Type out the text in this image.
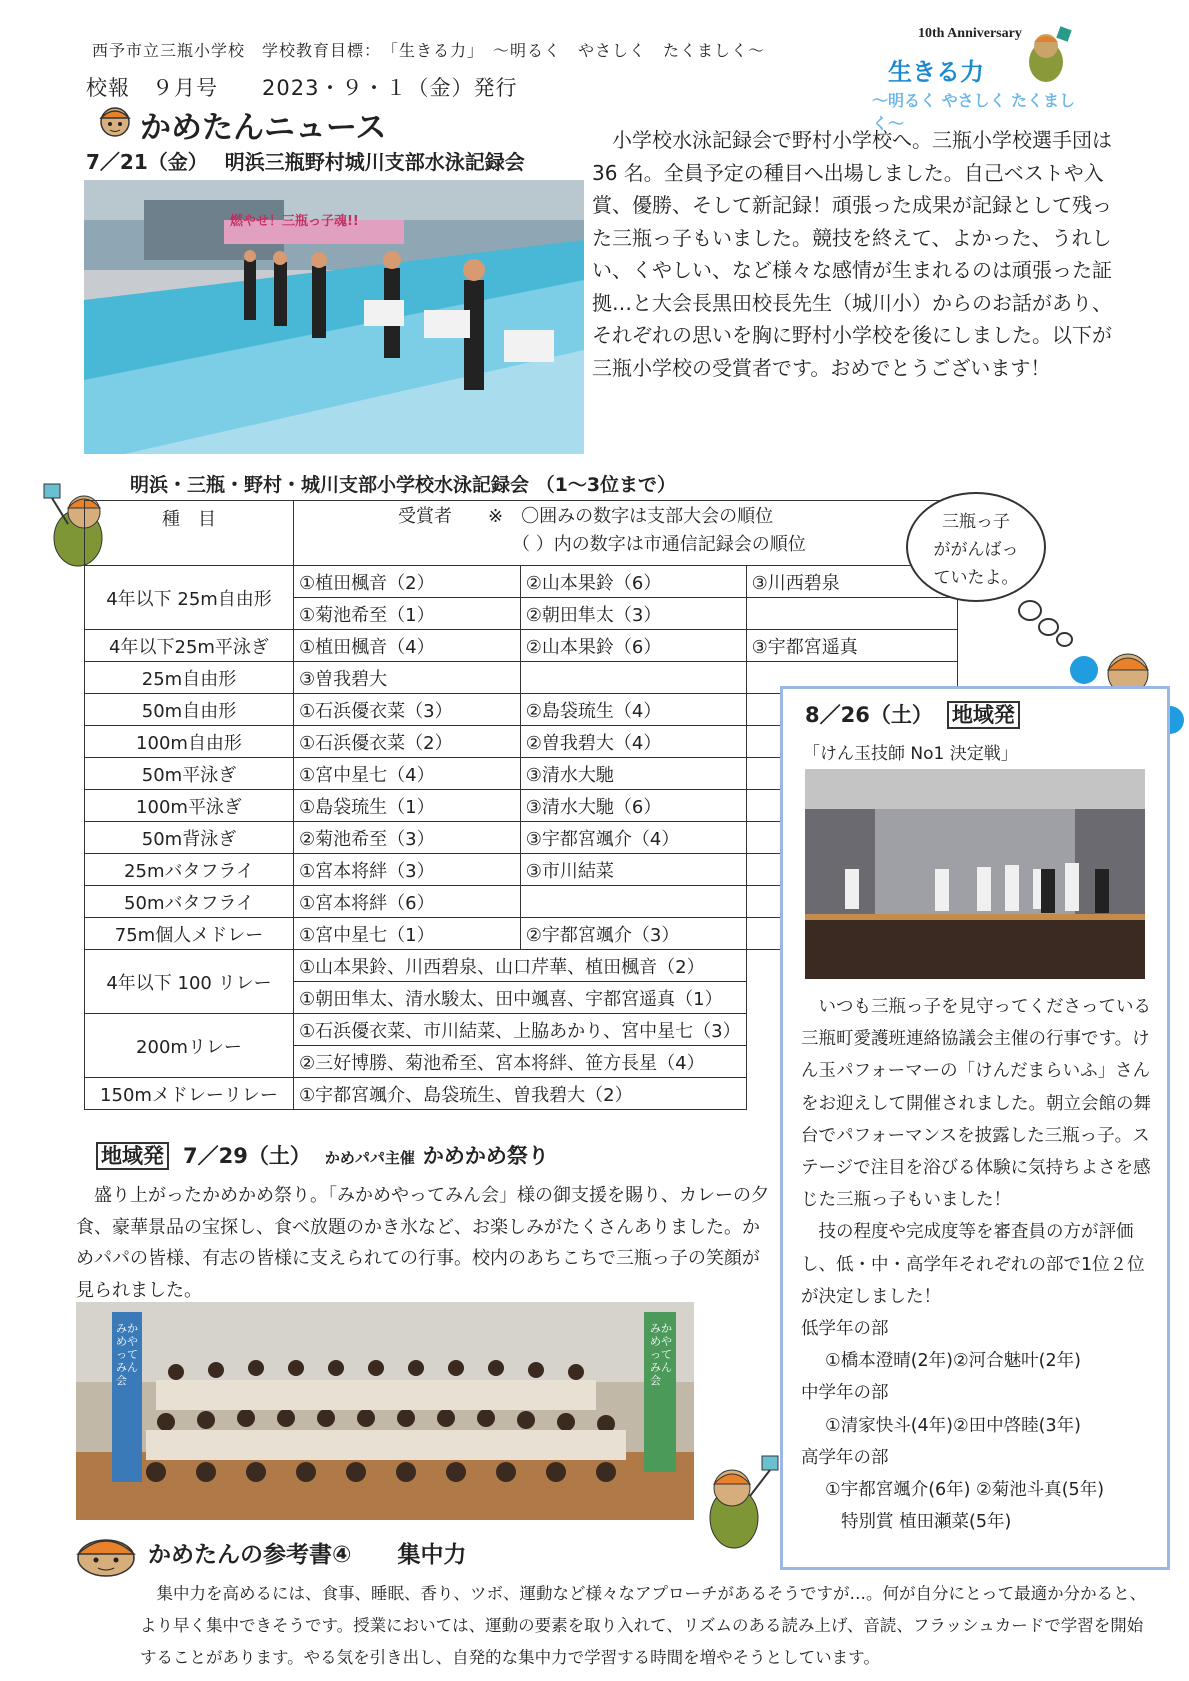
西予市立三瓶小学校　学校教育目標：　「生きる力」　～明るく　やさしく　たくましく～
校報　９月号　　2023・９・１（金）発行
10th Anniversary
生きる力
～明るく やさしく たくましく～
かめたんニュース
7／21（金） 明浜三瓶野村城川支部水泳記録会
燃やせ！三瓶っ子魂!!
小学校水泳記録会で野村小学校へ。三瓶小学校選手団は 36 名。全員予定の種目へ出場しました。自己ベストや入賞、優勝、そして新記録！頑張った成果が記録として残った三瓶っ子もいました。競技を終えて、よかった、うれしい、くやしい、など様々な感情が生まれるのは頑張った証拠…と大会長黒田校長先生（城川小）からのお話があり、それぞれの思いを胸に野村小学校を後にしました。以下が三瓶小学校の受賞者です。おめでとうございます！
明浜・三瓶・野村・城川支部小学校水泳記録会 （1～3位まで）
種　目	受賞者　　※　〇囲みの数字は支部大会の順位
（ ）内の数字は市通信記録会の順位		

4年以下 25m自由形	①植田楓音（2）	②山本果鈴（6）	③川西碧泉
	①菊池希至（1）	②朝田隼太（3）	
4年以下25m平泳ぎ	①植田楓音（4）	②山本果鈴（6）	③宇都宮遥真
25m自由形	③曽我碧大		
50m自由形	①石浜優衣菜（3）	②島袋琉生（4）	
100m自由形	①石浜優衣菜（2）	②曽我碧大（4）	
50m平泳ぎ	①宮中星七（4）	③清水大馳	
100m平泳ぎ	①島袋琉生（1）	③清水大馳（6）	
50m背泳ぎ	②菊池希至（3）	③宇都宮颯介（4）	
25mバタフライ	①宮本将絆（3）	③市川結菜	
50mバタフライ	①宮本将絆（6）		
75m個人メドレー	①宮中星七（1）	②宇都宮颯介（3）	
4年以下 100 リレー	①山本果鈴、川西碧泉、山口芹華、植田楓音（2）		
	①朝田隼太、清水駿太、田中颯喜、宇都宮遥真（1）		
200mリレー	①石浜優衣菜、市川結菜、上脇あかり、宮中星七（3）		
	②三好博勝、菊池希至、宮本将絆、笹方長星（4）		
150mメドレーリレー	①宇都宮颯介、島袋琉生、曽我碧大（2）		
三瓶っ子
ががんばっ
ていたよ。
8／26（土） 地域発
「けん玉技師 No1 決定戦」

いつも三瓶っ子を見守ってくださっている三瓶町愛護班連絡協議会主催の行事です。けん玉パフォーマーの「けんだまらいふ」さんをお迎えして開催されました。朝立会館の舞台でパフォーマンスを披露した三瓶っ子。ステージで注目を浴びる体験に気持ちよさを感じた三瓶っ子もいました！

技の程度や完成度等を審査員の方が評価し、低・中・高学年それぞれの部で1位２位が決定しました！

低学年の部

①橋本澄晴(2年)②河合魅叶(2年)

中学年の部

①清家快斗(4年)②田中啓睦(3年)

高学年の部

①宇都宮颯介(6年) ②菊池斗真(5年)

特別賞 植田瀬菜(5年)

地域発 7／29（土） かめパパ主催 かめかめ祭り
盛り上がったかめかめ祭り。「みかめやってみん会」様の御支援を賜り、カレーの夕食、豪華景品の宝探し、食べ放題のかき氷など、お楽しみがたくさんありました。かめパパの皆様、有志の皆様に支えられての行事。校内のあちこちで三瓶っ子の笑顔が見られました。
みかめやってみん会
みかめやってみん会
かめたんの参考書④　　集中力
集中力を高めるには、食事、睡眠、香り、ツボ、運動など様々なアプローチがあるそうですが…。何が自分にとって最適か分かると、より早く集中できそうです。授業においては、運動の要素を取り入れて、リズムのある読み上げ、音読、フラッシュカードで学習を開始することがあります。やる気を引き出し、自発的な集中力で学習する時間を増やそうとしています。
